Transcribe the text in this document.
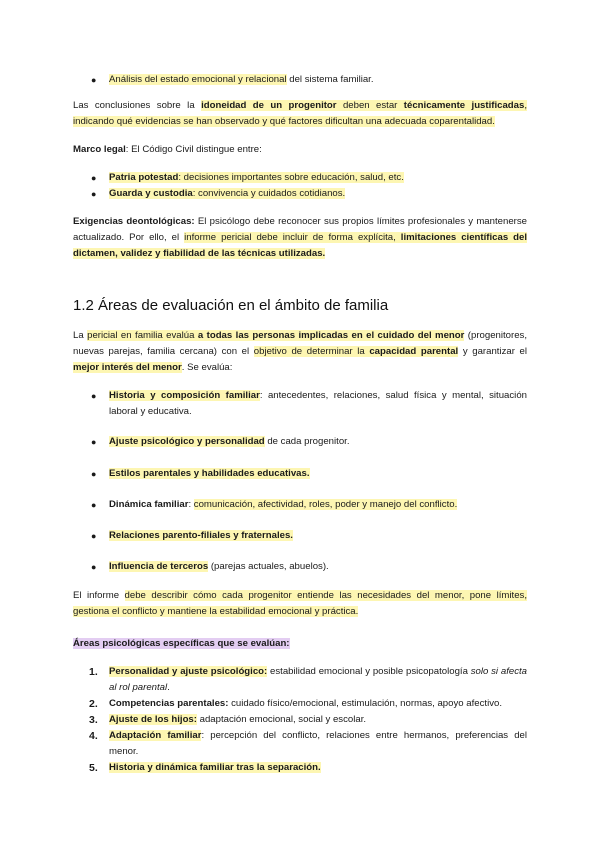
●	Análisis del estado emocional y relacional del sistema familiar.

Las conclusiones sobre la idoneidad de un progenitor deben estar técnicamente justificadas, indicando qué evidencias se han observado y qué factores dificultan una adecuada coparentalidad.

Marco legal: El Código Civil distingue entre:

●	Patria potestad: decisiones importantes sobre educación, salud, etc.

●	Guarda y custodia: convivencia y cuidados cotidianos.

Exigencias deontológicas: El psicólogo debe reconocer sus propios límites profesionales y mantenerse actualizado. Por ello, el informe pericial debe incluir de forma explícita, limitaciones científicas del dictamen, validez y fiabilidad de las técnicas utilizadas.

1.2 Áreas de evaluación en el ámbito de familia

La pericial en familia evalúa a todas las personas implicadas en el cuidado del menor (progenitores, nuevas parejas, familia cercana) con el objetivo de determinar la capacidad parental y garantizar el mejor interés del menor. Se evalúa:

●	Historia y composición familiar: antecedentes, relaciones, salud física y mental, situación laboral y educativa.

●	Ajuste psicológico y personalidad de cada progenitor.

●	Estilos parentales y habilidades educativas.

●	Dinámica familiar: comunicación, afectividad, roles, poder y manejo del conflicto.

●	Relaciones parento-filiales y fraternales.

●	Influencia de terceros (parejas actuales, abuelos).

El informe debe describir cómo cada progenitor entiende las necesidades del menor, pone límites, gestiona el conflicto y mantiene la estabilidad emocional y práctica.

Áreas psicológicas específicas que se evalúan:

1.	Personalidad y ajuste psicológico: estabilidad emocional y posible psicopatología solo si afecta al rol parental.

2.	Competencias parentales: cuidado físico/emocional, estimulación, normas, apoyo afectivo.

3.	Ajuste de los hijos: adaptación emocional, social y escolar.

4.	Adaptación familiar: percepción del conflicto, relaciones entre hermanos, preferencias del menor.

5.	Historia y dinámica familiar tras la separación.
